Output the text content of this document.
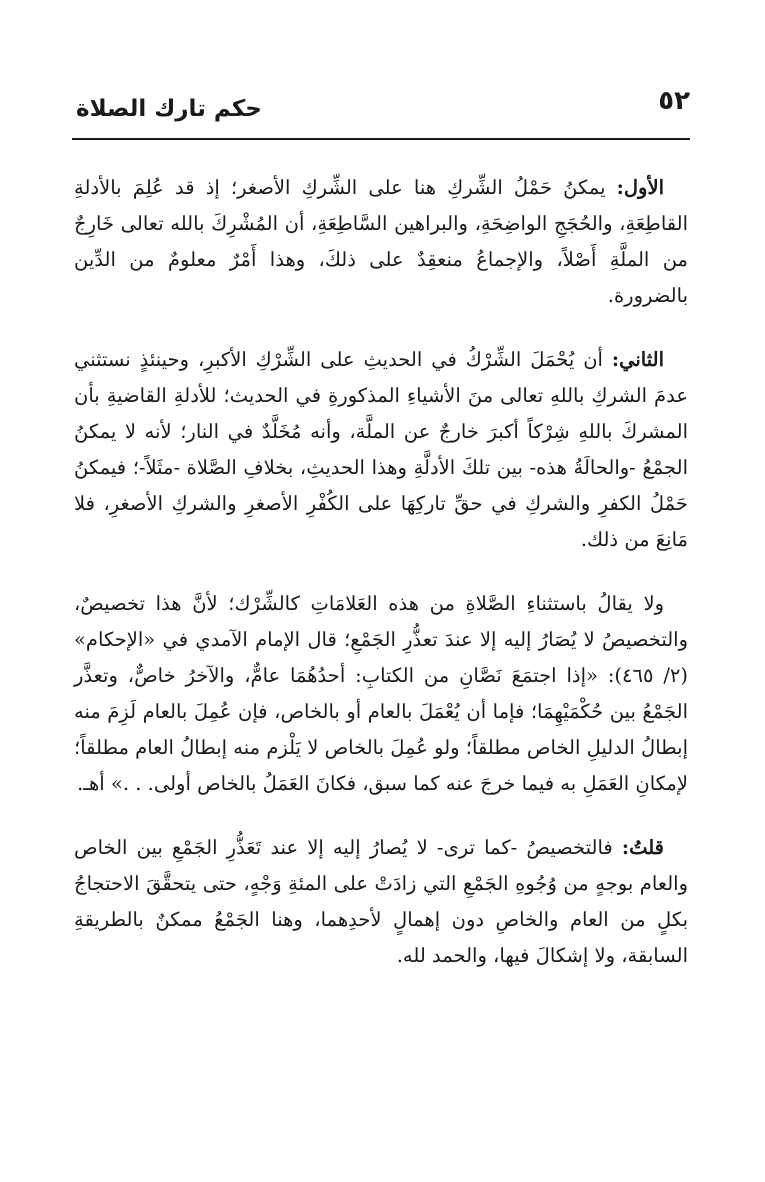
٥٢
حكم تارك الصلاة

الأول: يمكنُ حَمْلُ الشِّركِ هنا على الشِّركِ الأصغر؛ إذ قد عُلِمَ بالأدلةِ القاطِعَةِ، والحُجَجِ الواضِحَةِ، والبراهين السَّاطِعَةِ، أن المُشْرِكَ بالله تعالى خَارِجٌ من الملَّةِ أَصْلاً، والإجماعُ منعقِدٌ على ذلكَ، وهذا أَمْرٌ معلومٌ من الدِّين بالضرورة.

الثاني: أن يُحْمَلَ الشِّرْكُ في الحديثِ على الشِّرْكِ الأكبرِ، وحينئذٍ نستثني عدمَ الشركِ باللهِ تعالى منَ الأشياءِ المذكورةِ في الحديث؛ للأدلةِ القاضيةِ بأن المشركَ باللهِ شِرْكاً أكبرَ خارجٌ عن الملَّة، وأنه مُخَلَّدٌ في النار؛ لأنه لا يمكنُ الجمْعُ -والحالَةُ هذه- بين تلكَ الأدلَّةِ وهذا الحديثِ، بخلافِ الصَّلاة -مثَلاً-؛ فيمكنُ حَمْلُ الكفرِ والشركِ في حقِّ تاركِهَا على الكُفْرِ الأصغرِ والشركِ الأصغرِ، فلا مَانِعَ من ذلك.

ولا يقالُ باستثناءِ الصَّلاةِ من هذه العَلامَاتِ كالشِّرْك؛ لأنَّ هذا تخصيصٌ، والتخصيصُ لا يُصَارُ إليه إلا عندَ تعذُّرِ الجَمْعِ؛ قال الإمام الآمدي في «الإحكام» (٢/ ٤٦٥): «إذا اجتمَعَ نَصَّانِ من الكتابِ: أحدُهُمَا عامٌّ، والآخرُ خاصٌّ، وتعذَّر الجَمْعُ بين حُكْمَيْهِمَا؛ فإما أن يُعْمَلَ بالعام أو بالخاص، فإن عُمِلَ بالعام لَزِمَ منه إبطالُ الدليلِ الخاص مطلقاً؛ ولو عُمِلَ بالخاص لا يَلْزم منه إبطالُ العام مطلقاً؛ لإمكانِ العَمَلِ به فيما خرجَ عنه كما سبق، فكانَ العَمَلُ بالخاص أولى. . .» أهـ.

قلتُ: فالتخصيصُ -كما ترى- لا يُصارُ إليه إلا عند تَعَذُّرِ الجَمْعِ بين الخاص والعام بوجهٍ من وُجُوهِ الجَمْعِ التي زادَتْ على المئةِ وَجْهٍ، حتى يتحقَّقَ الاحتجاجُ بكلٍ من العام والخاصِ دون إهمالٍ لأحدِهما، وهنا الجَمْعُ ممكنٌ بالطريقةِ السابقة، ولا إشكالَ فيها، والحمد لله.
